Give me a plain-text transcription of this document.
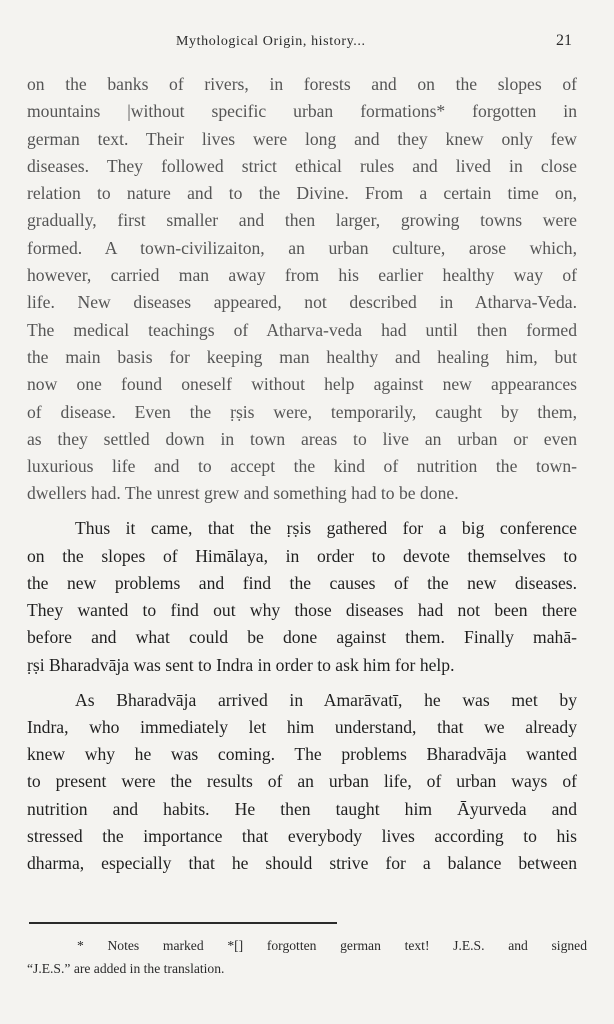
Mythological Origin, history...	21

on the banks of rivers, in forests and on the slopes of
mountains |without specific urban formations* forgotten in
german text. Their lives were long and they knew only few
diseases. They followed strict ethical rules and lived in close
relation to nature and to the Divine. From a certain time on,
gradually, first smaller and then larger, growing towns were
formed. A town-civilizaiton, an urban culture, arose which,
however, carried man away from his earlier healthy way of
life. New diseases appeared, not described in Atharva-Veda.
The medical teachings of Atharva-veda had until then formed
the main basis for keeping man healthy and healing him, but
now one found oneself without help against new appearances
of disease. Even the ṛṣis were, temporarily, caught by them,
as they settled down in town areas to live an urban or even
luxurious life and to accept the kind of nutrition the town-
dwellers had. The unrest grew and something had to be done.

Thus it came, that the ṛṣis gathered for a big conference
on the slopes of Himālaya, in order to devote themselves to
the new problems and find the causes of the new diseases.
They wanted to find out why those diseases had not been there
before and what could be done against them. Finally mahā-
ṛṣi Bharadvāja was sent to Indra in order to ask him for help.

As Bharadvāja arrived in Amarāvatī, he was met by
Indra, who immediately let him understand, that we already
knew why he was coming. The problems Bharadvāja wanted
to present were the results of an urban life, of urban ways of
nutrition and habits. He then taught him Āyurveda and
stressed the importance that everybody lives according to his
dharma, especially that he should strive for a balance between

* Notes marked *[] forgotten german text! J.E.S. and signed
“J.E.S.” are added in the translation.
